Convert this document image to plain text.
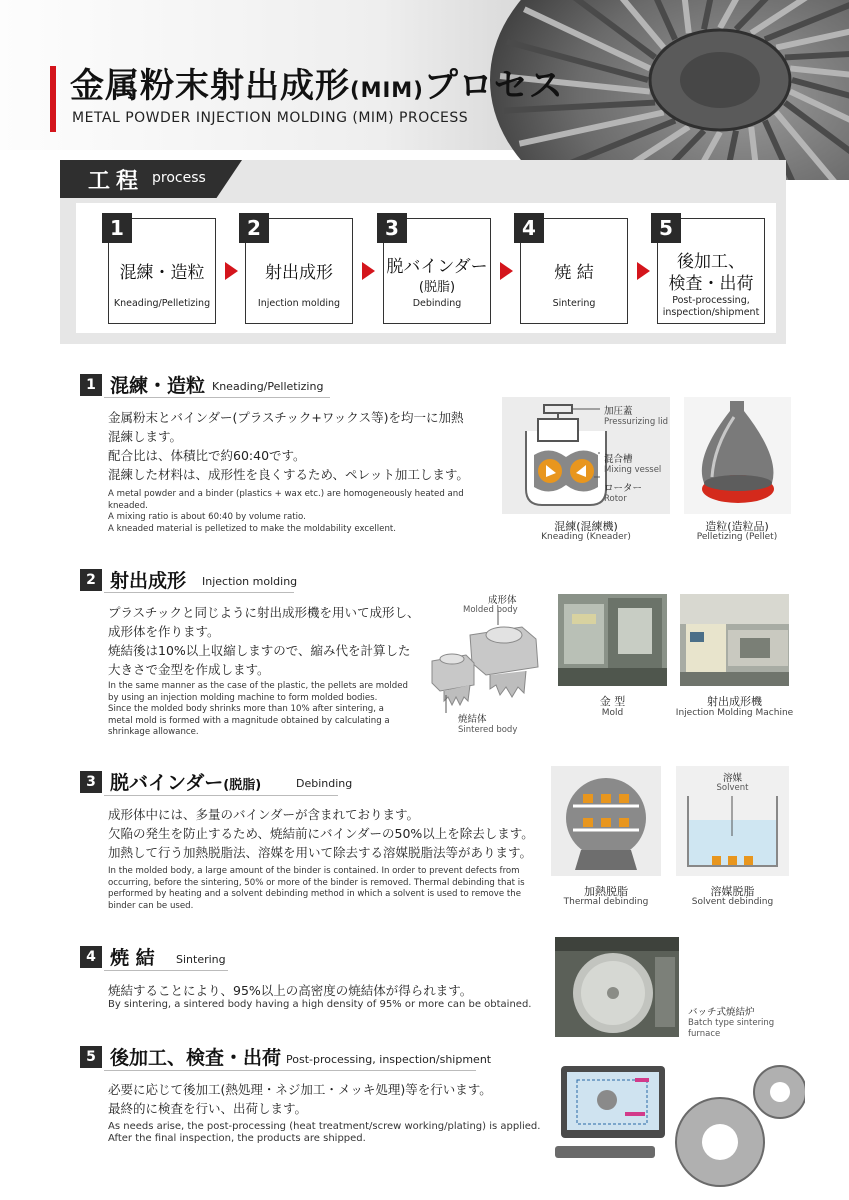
金属粉末射出成形(MIM)プロセス
METAL POWDER INJECTION MOLDING (MIM) PROCESS
工程 process
1
混練・造粒
Kneading/Pelletizing
2
射出成形
Injection molding
3
脱バインダー
(脱脂)
Debinding
4
焼 結
Sintering
5
後加工、
検査・出荷
Post-processing,
inspection/shipment
1 混練・造粒 Kneading/Pelletizing
金属粉末とバインダー(プラスチック+ワックス等)を均一に加熱
混練します。
配合比は、体積比で約60:40です。
混練した材料は、成形性を良くするため、ペレット加工します。
A metal powder and a binder (plastics + wax etc.) are homogeneously heated and
kneaded.
A mixing ratio is about 60:40 by volume ratio.
A kneaded material is pelletized to make the moldability excellent.
加圧蓋
Pressurizing lid
混合槽
Mixing vessel
ローター
Rotor
混練(混練機)
Kneading (Kneader)
造粒(造粒品)
Pelletizing (Pellet)
2 射出成形 Injection molding
プラスチックと同じように射出成形機を用いて成形し、
成形体を作ります。
焼結後は10%以上収縮しますので、縮み代を計算した
大きさで金型を作成します。
In the same manner as the case of the plastic, the pellets are molded
by using an injection molding machine to form molded bodies.
Since the molded body shrinks more than 10% after sintering, a
metal mold is formed with a magnitude obtained by calculating a
shrinkage allowance.
成形体
Molded body
焼結体
Sintered body
金 型
Mold
射出成形機
Injection Molding Machine
3 脱バインダー(脱脂)	Debinding
成形体中には、多量のバインダーが含まれております。
欠陥の発生を防止するため、焼結前にバインダーの50%以上を除去します。
加熱して行う加熱脱脂法、溶媒を用いて除去する溶媒脱脂法等があります。
In the molded body, a large amount of the binder is contained. In order to prevent defects from
occurring, before the sintering, 50% or more of the binder is removed. Thermal debinding that is
performed by heating and a solvent debinding method in which a solvent is used to remove the
binder can be used.
溶媒
Solvent
加熱脱脂
Thermal debinding
溶媒脱脂
Solvent debinding
4 焼 結 Sintering
焼結することにより、95%以上の高密度の焼結体が得られます。
By sintering, a sintered body having a high density of 95% or more can be obtained.
バッチ式焼結炉
Batch type sintering
furnace
5 後加工、検査・出荷 Post-processing, inspection/shipment
必要に応じて後加工(熱処理・ネジ加工・メッキ処理)等を行います。
最終的に検査を行い、出荷します。
As needs arise, the post-processing (heat treatment/screw working/plating) is applied.
After the final inspection, the products are shipped.
